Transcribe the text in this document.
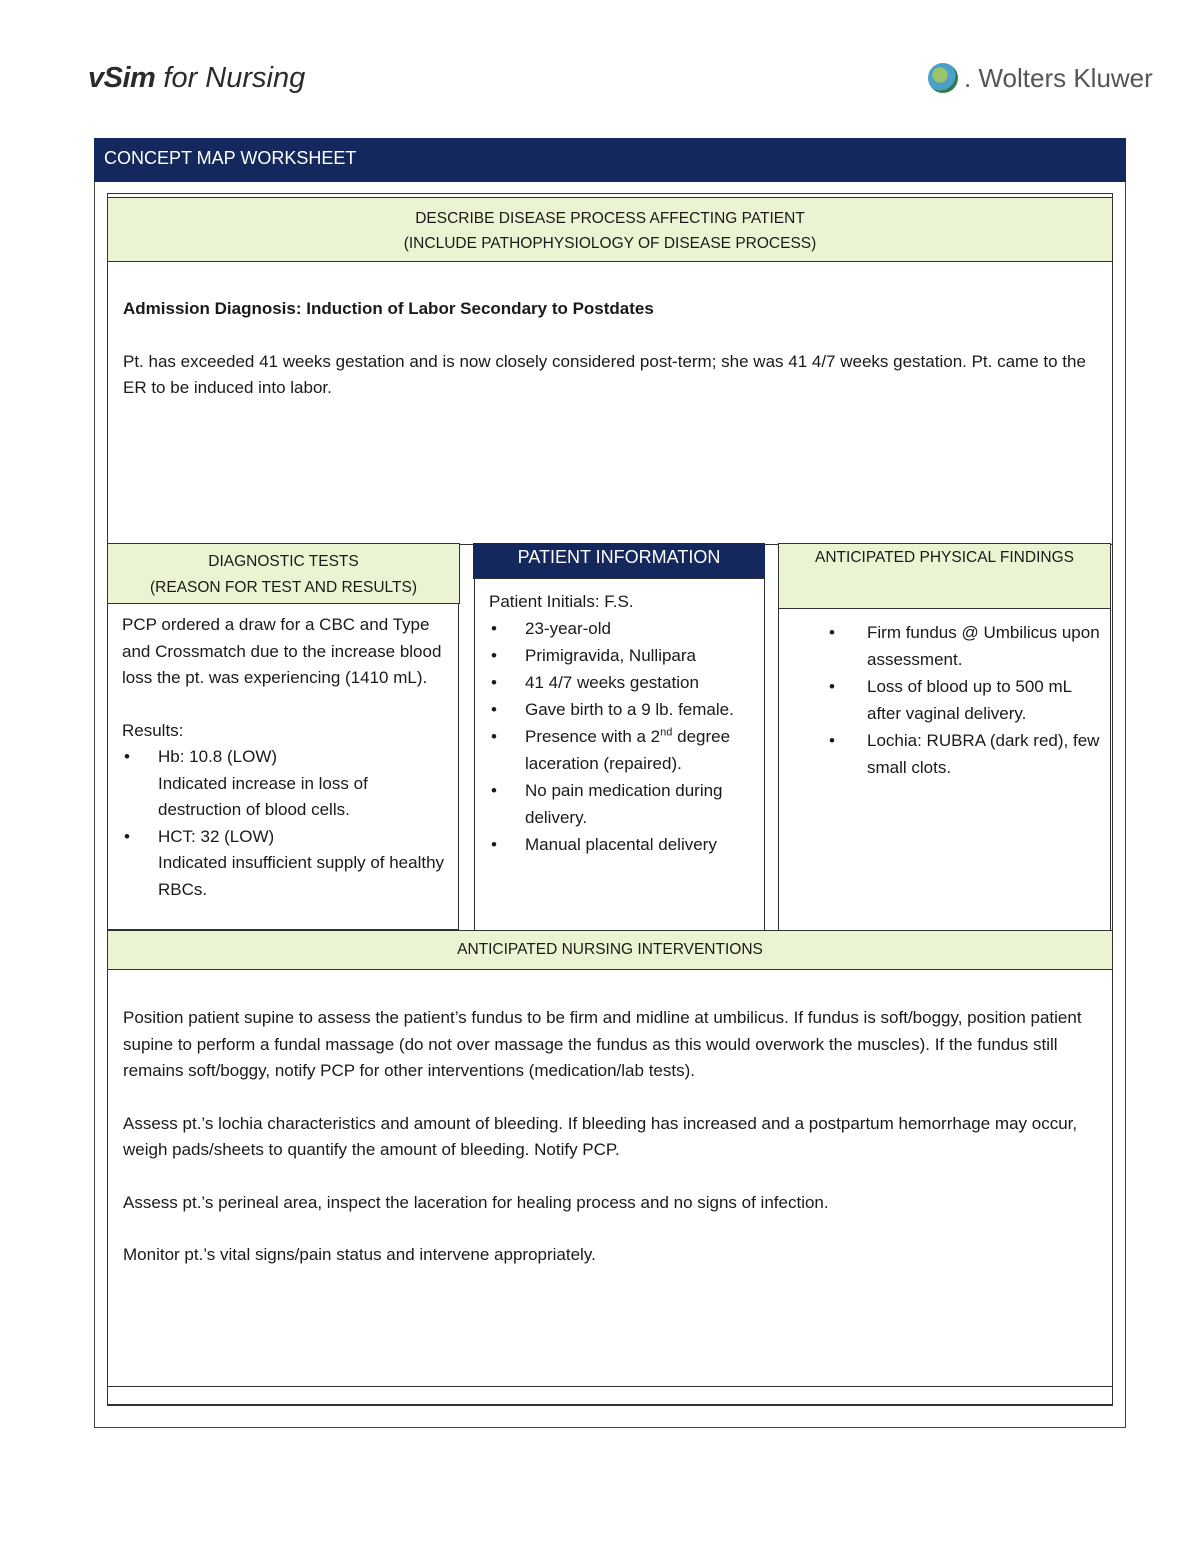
vSim for Nursing	. Wolters Kluwer
CONCEPT MAP WORKSHEET
DESCRIBE DISEASE PROCESS AFFECTING PATIENT
(INCLUDE PATHOPHYSIOLOGY OF DISEASE PROCESS)

Admission Diagnosis: Induction of Labor Secondary to Postdates

Pt. has exceeded 41 weeks gestation and is now closely considered post-term; she was 41 4/7 weeks gestation. Pt. came to the ER to be induced into labor.

DIAGNOSTIC TESTS
(REASON FOR TEST AND RESULTS)

PCP ordered a draw for a CBC and Type and Crossmatch due to the increase blood loss the pt. was experiencing (1410 mL).

Results:

• Hb: 10.8 (LOW)
Indicated increase in loss of destruction of blood cells.
• HCT: 32 (LOW)
Indicated insufficient supply of healthy RBCs.
PATIENT INFORMATION
Patient Initials: F.S.
• 23-year-old
• Primigravida, Nullipara
• 41 4/7 weeks gestation
• Gave birth to a 9 lb. female.
• Presence with a 2nd degree laceration (repaired).
• No pain medication during delivery.
• Manual placental delivery
ANTICIPATED PHYSICAL FINDINGS
• Firm fundus @ Umbilicus upon assessment.
• Loss of blood up to 500 mL after vaginal delivery.
• Lochia: RUBRA (dark red), few small clots.
ANTICIPATED NURSING INTERVENTIONS

Position patient supine to assess the patient’s fundus to be firm and midline at umbilicus. If fundus is soft/boggy, position patient supine to perform a fundal massage (do not over massage the fundus as this would overwork the muscles). If the fundus still remains soft/boggy, notify PCP for other interventions (medication/lab tests).

Assess pt.’s lochia characteristics and amount of bleeding. If bleeding has increased and a postpartum hemorrhage may occur, weigh pads/sheets to quantify the amount of bleeding. Notify PCP.

Assess pt.’s perineal area, inspect the laceration for healing process and no signs of infection.

Monitor pt.’s vital signs/pain status and intervene appropriately.
